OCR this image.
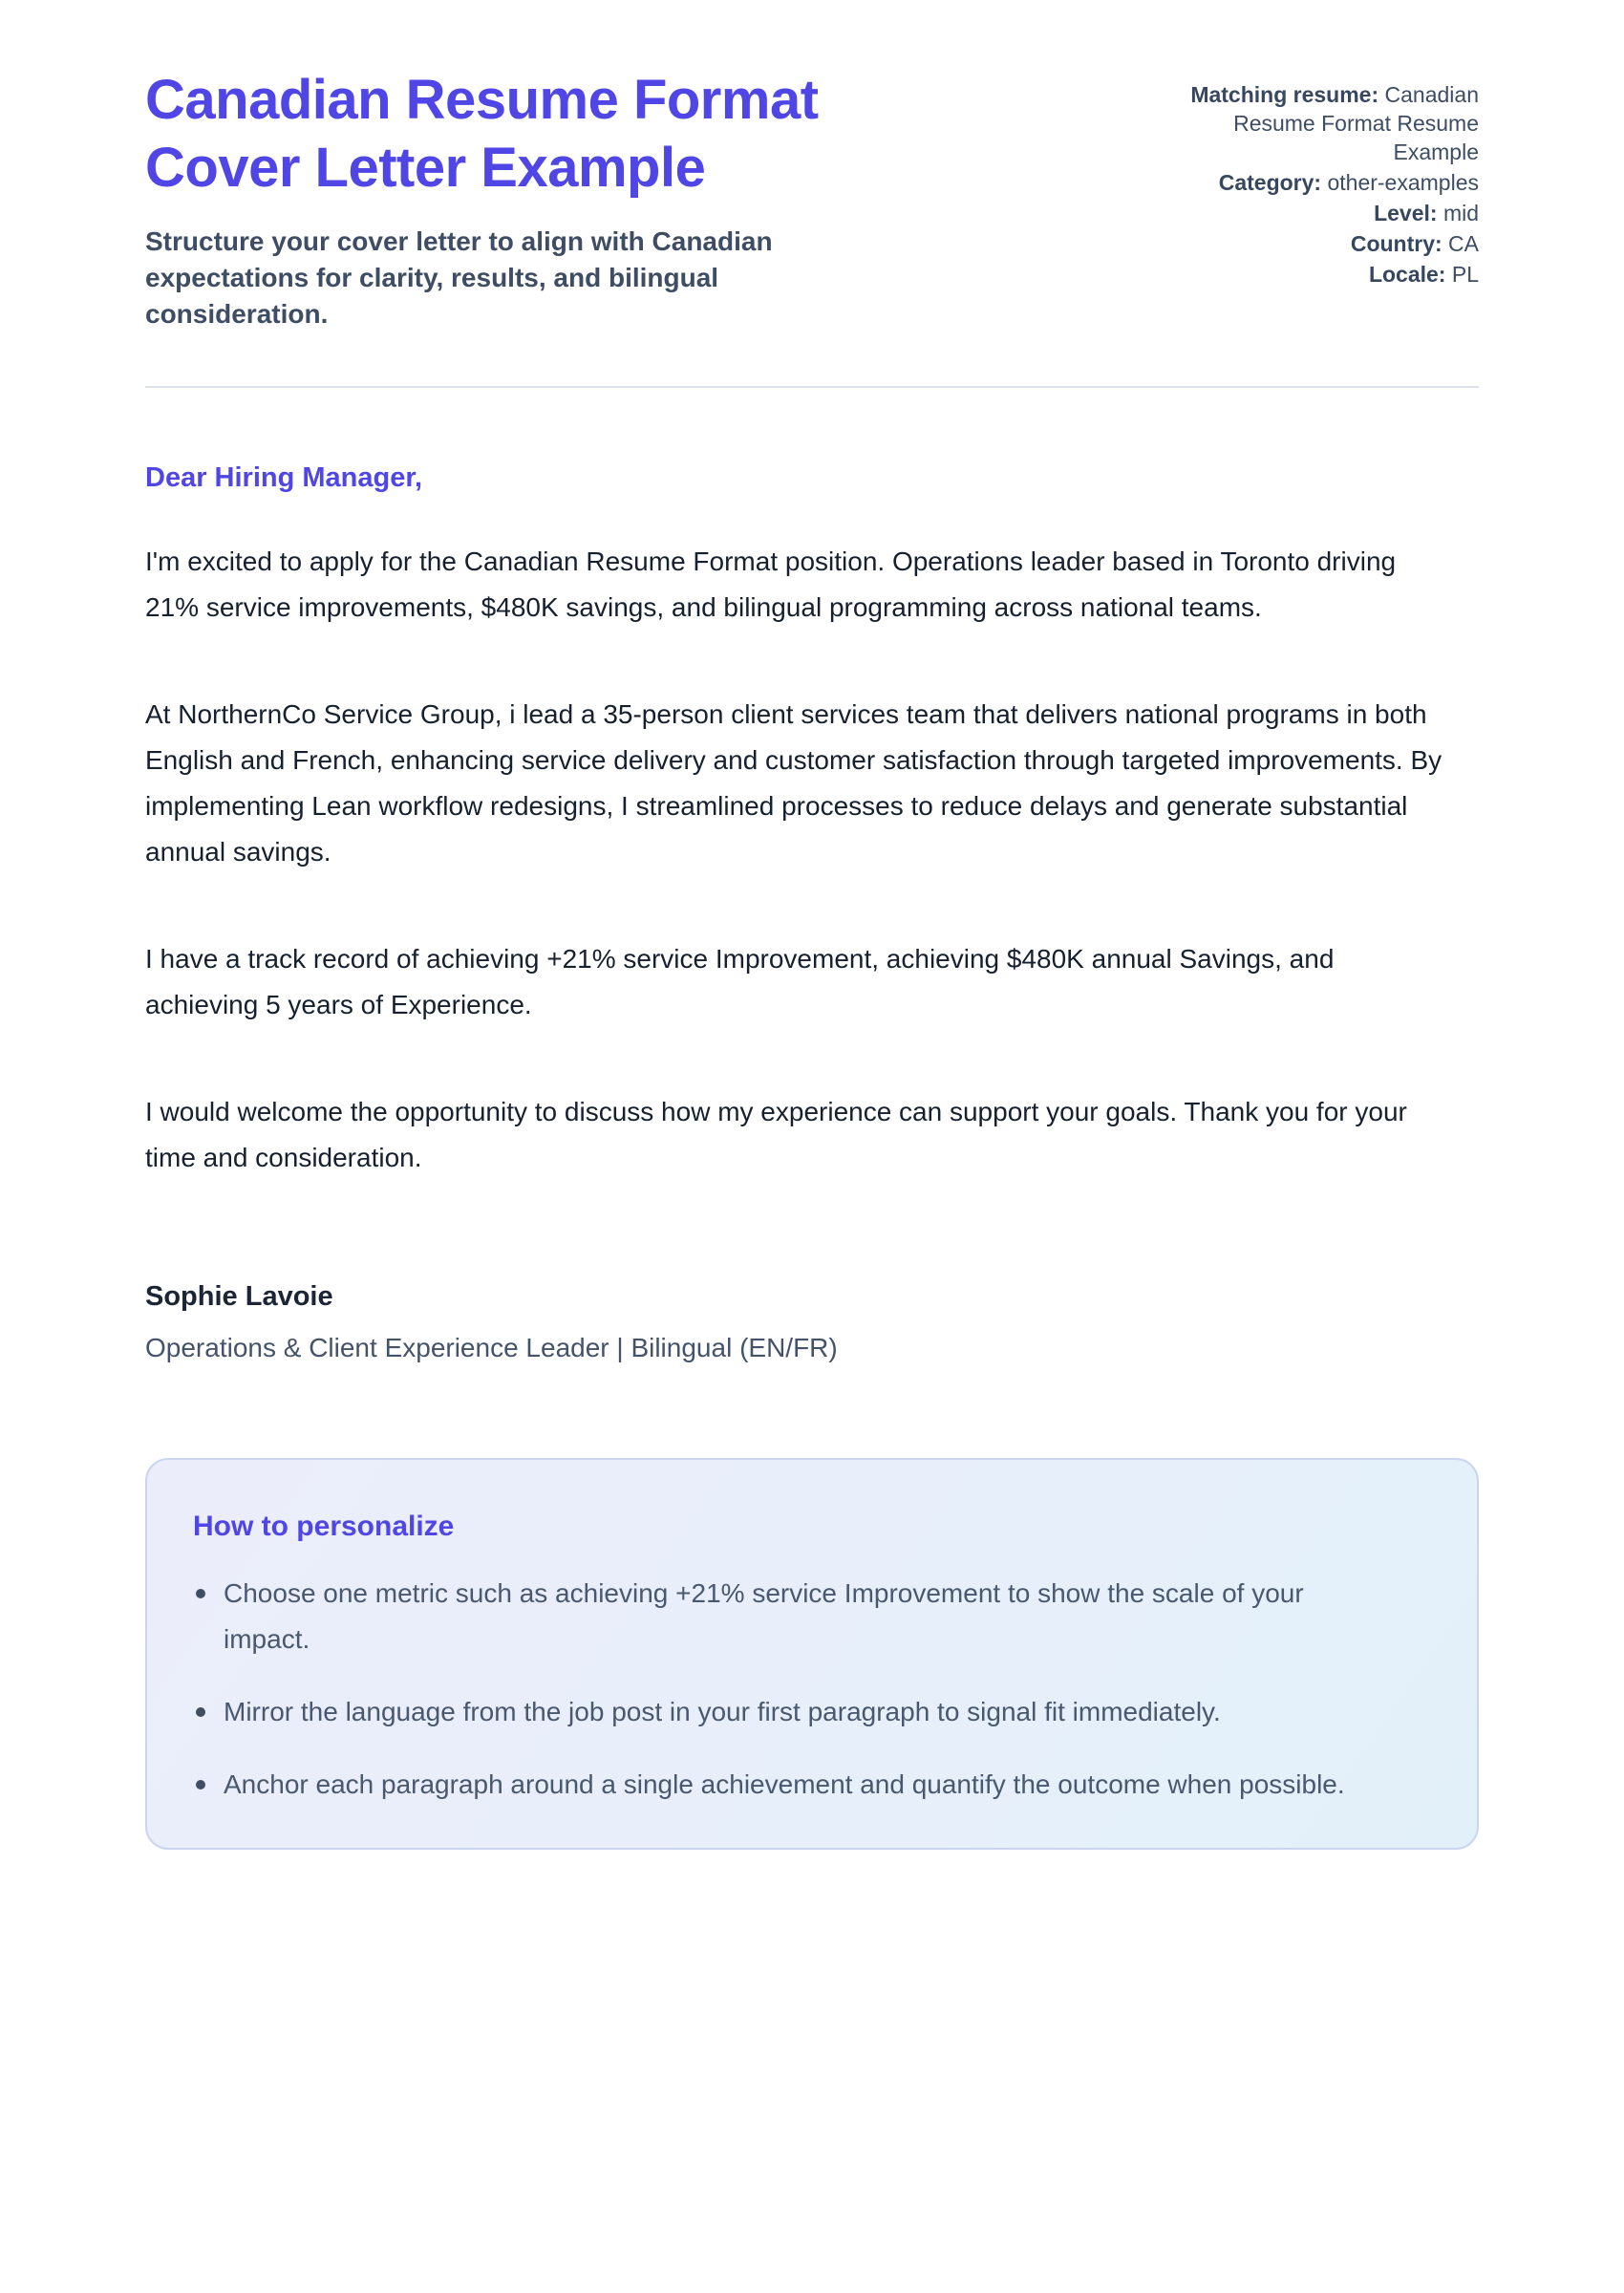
Canadian Resume Format Cover Letter Example
Structure your cover letter to align with Canadian expectations for clarity, results, and bilingual consideration.
Matching resume: Canadian Resume Format Resume Example
Category: other-examples
Level: mid
Country: CA
Locale: PL
Dear Hiring Manager,

I'm excited to apply for the Canadian Resume Format position. Operations leader based in Toronto driving 21% service improvements, $480K savings, and bilingual programming across national teams.

At NorthernCo Service Group, i lead a 35-person client services team that delivers national programs in both English and French, enhancing service delivery and customer satisfaction through targeted improvements. By implementing Lean workflow redesigns, I streamlined processes to reduce delays and generate substantial annual savings.

I have a track record of achieving +21% service Improvement, achieving $480K annual Savings, and achieving 5 years of Experience.

I would welcome the opportunity to discuss how my experience can support your goals. Thank you for your time and consideration.

Sophie Lavoie
Operations & Client Experience Leader | Bilingual (EN/FR)
How to personalize
Choose one metric such as achieving +21% service Improvement to show the scale of your impact.
Mirror the language from the job post in your first paragraph to signal fit immediately.
Anchor each paragraph around a single achievement and quantify the outcome when possible.
